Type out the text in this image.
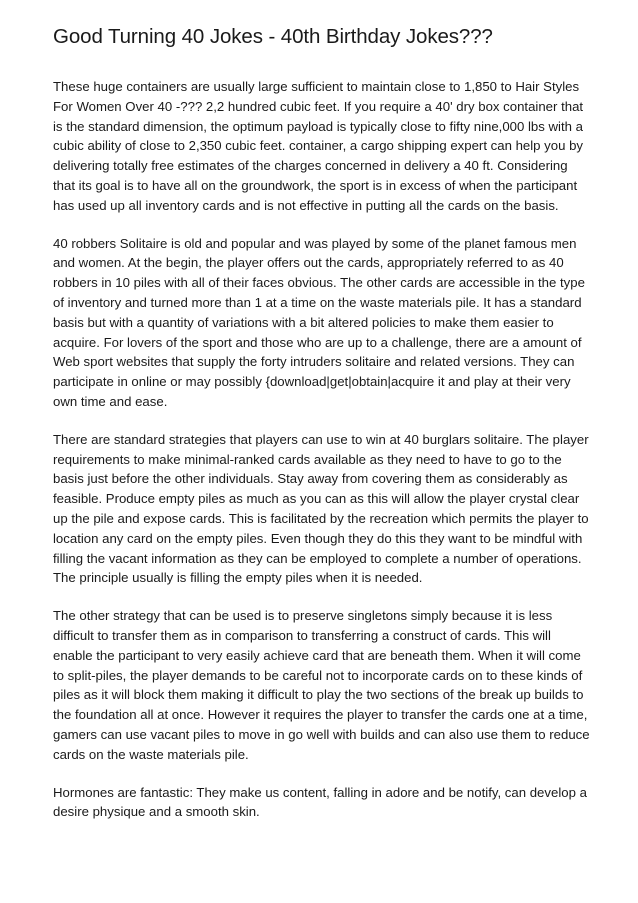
Good Turning 40 Jokes - 40th Birthday Jokes???

These huge containers are usually large sufficient to maintain close to 1,850 to Hair Styles For Women Over 40 -??? 2,2 hundred cubic feet. If you require a 40' dry box container that is the standard dimension, the optimum payload is typically close to fifty nine,000 lbs with a cubic ability of close to 2,350 cubic feet. container, a cargo shipping expert can help you by delivering totally free estimates of the charges concerned in delivery a 40 ft. Considering that its goal is to have all on the groundwork, the sport is in excess of when the participant has used up all inventory cards and is not effective in putting all the cards on the basis.

40 robbers Solitaire is old and popular and was played by some of the planet famous men and women. At the begin, the player offers out the cards, appropriately referred to as 40 robbers in 10 piles with all of their faces obvious. The other cards are accessible in the type of inventory and turned more than 1 at a time on the waste materials pile. It has a standard basis but with a quantity of variations with a bit altered policies to make them easier to acquire. For lovers of the sport and those who are up to a challenge, there are a amount of Web sport websites that supply the forty intruders solitaire and related versions. They can participate in online or may possibly {download|get|obtain|acquire it and play at their very own time and ease.

There are standard strategies that players can use to win at 40 burglars solitaire. The player requirements to make minimal-ranked cards available as they need to have to go to the basis just before the other individuals. Stay away from covering them as considerably as feasible. Produce empty piles as much as you can as this will allow the player crystal clear up the pile and expose cards. This is facilitated by the recreation which permits the player to location any card on the empty piles. Even though they do this they want to be mindful with filling the vacant information as they can be employed to complete a number of operations. The principle usually is filling the empty piles when it is needed.

The other strategy that can be used is to preserve singletons simply because it is less difficult to transfer them as in comparison to transferring a construct of cards. This will enable the participant to very easily achieve card that are beneath them. When it will come to split-piles, the player demands to be careful not to incorporate cards on to these kinds of piles as it will block them making it difficult to play the two sections of the break up builds to the foundation all at once. However it requires the player to transfer the cards one at a time, gamers can use vacant piles to move in go well with builds and can also use them to reduce cards on the waste materials pile.

Hormones are fantastic: They make us content, falling in adore and be notify, can develop a desire physique and a smooth skin.
